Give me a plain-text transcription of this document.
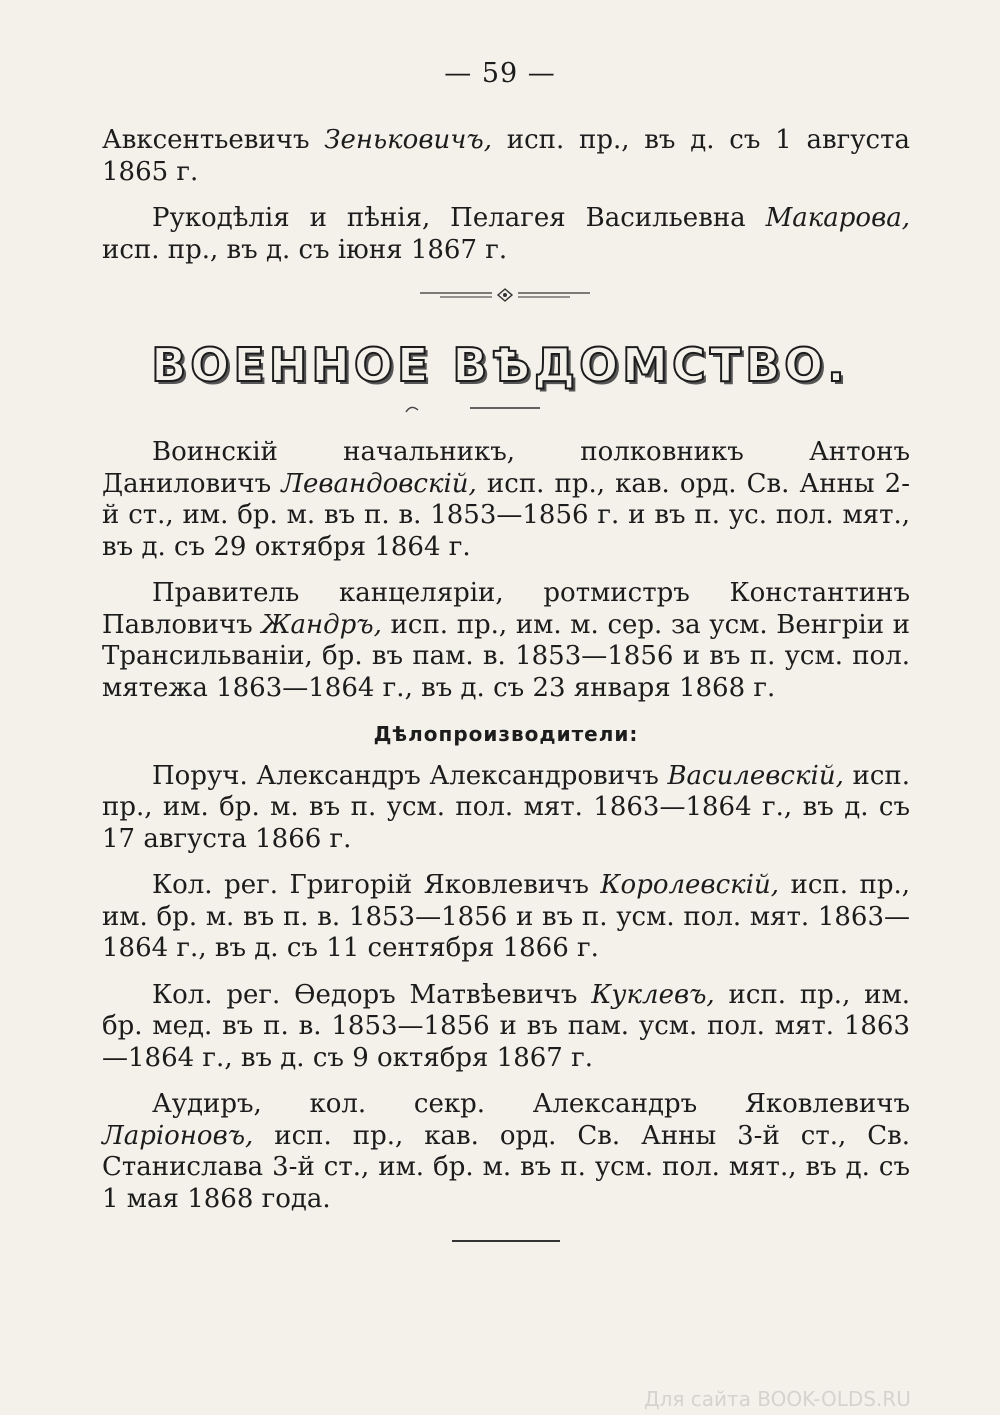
— 59 —

Авксентьевичъ Зеньковичъ, исп. пр., въ д. съ 1 августа 1865 г.

Рукодѣлія и пѣнія, Пелагея Васильевна Макарова, исп. пр., въ д. съ іюня 1867 г.

ВОЕННОЕ ВѢДОМСТВО.

Воинскій начальникъ, полковникъ Антонъ Даниловичъ Левандовскій, исп. пр., кав. орд. Св. Анны 2-й ст., им. бр. м. въ п. в. 1853—1856 г. и въ п. ус. пол. мят., въ д. съ 29 октября 1864 г.

Правитель канцеляріи, ротмистръ Константинъ Павловичъ Жандръ, исп. пр., им. м. сер. за усм. Венгріи и Трансильваніи, бр. въ пам. в. 1853—1856 и въ п. усм. пол. мятежа 1863—1864 г., въ д. съ 23 января 1868 г.

Дѣлопроизводители:

Поруч. Александръ Александровичъ Василевскій, исп. пр., им. бр. м. въ п. усм. пол. мят. 1863—1864 г., въ д. съ 17 августа 1866 г.

Кол. рег. Григорій Яковлевичъ Королевскій, исп. пр., им. бр. м. въ п. в. 1853—1856 и въ п. усм. пол. мят. 1863—1864 г., въ д. съ 11 сентября 1866 г.

Кол. рег. Ѳедоръ Матвѣевичъ Куклевъ, исп. пр., им. бр. мед. въ п. в. 1853—1856 и въ пам. усм. пол. мят. 1863—1864 г., въ д. съ 9 октября 1867 г.

Аудиръ, кол. секр. Александръ Яковлевичъ Ларіоновъ, исп. пр., кав. орд. Св. Анны 3-й ст., Св. Станислава 3-й ст., им. бр. м. въ п. усм. пол. мят., въ д. съ 1 мая 1868 года.

Для сайта BOOK-OLDS.RU
